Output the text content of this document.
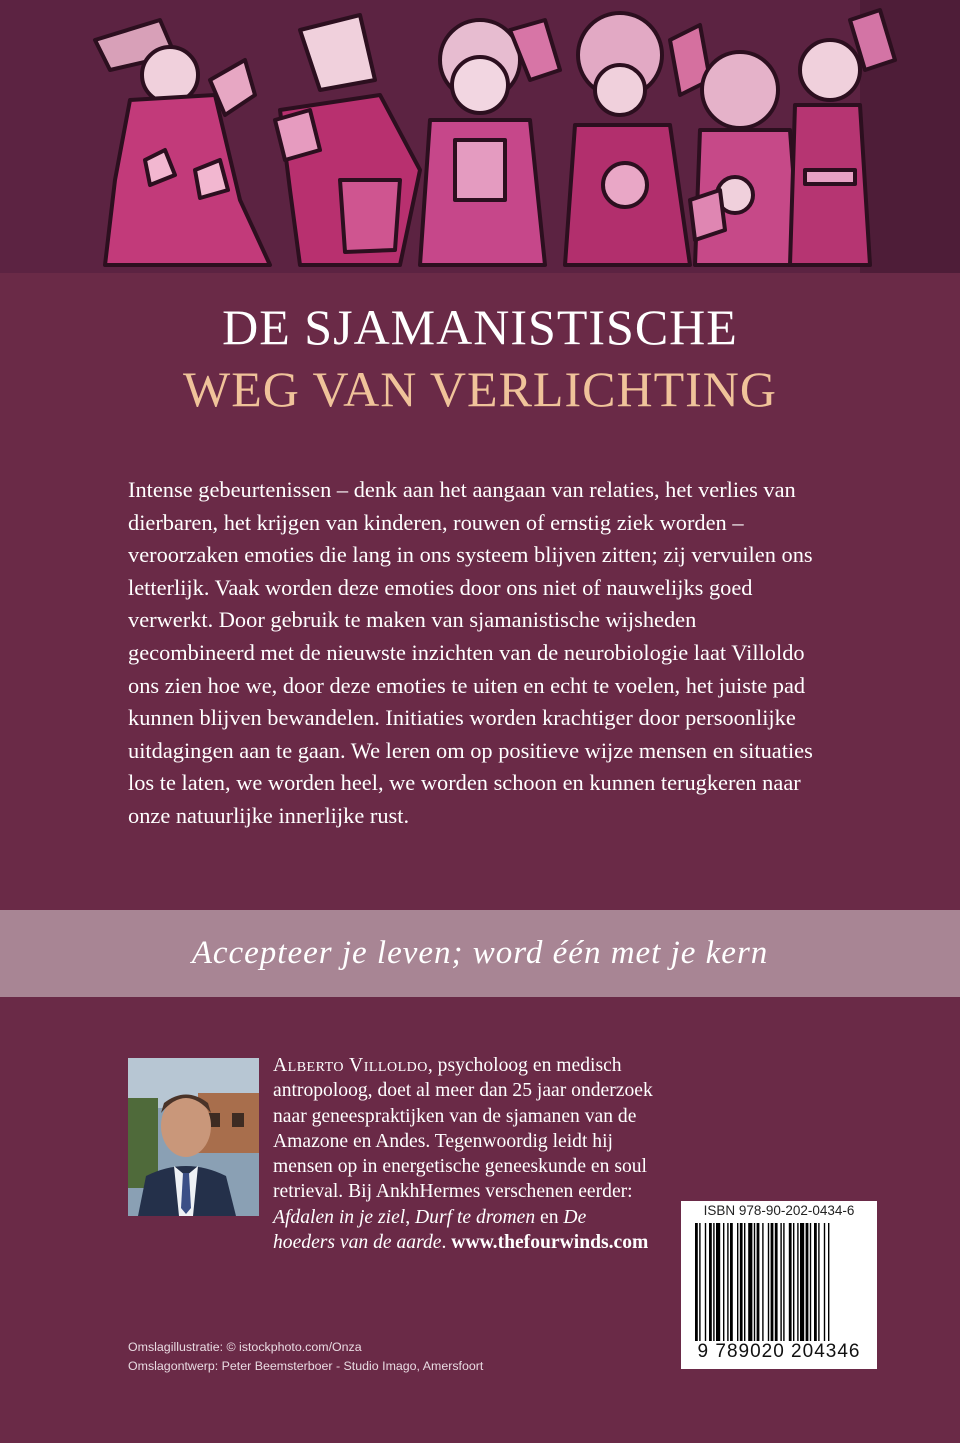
DE SJAMANISTISCHE
WEG VAN VERLICHTING

Intense gebeurtenissen – denk aan het aangaan van relaties, het verlies van dierbaren, het krijgen van kinderen, rouwen of ernstig ziek worden – veroorzaken emoties die lang in ons systeem blijven zitten; zij vervuilen ons letterlijk. Vaak worden deze emoties door ons niet of nauwelijks goed verwerkt. Door gebruik te maken van sjamanistische wijsheden gecombineerd met de nieuwste inzichten van de neurobiologie laat Villoldo ons zien hoe we, door deze emoties te uiten en echt te voelen, het juiste pad kunnen blijven bewandelen. Initiaties worden krachtiger door persoonlijke uitdagingen aan te gaan. We leren om op positieve wijze mensen en situaties los te laten, we worden heel, we worden schoon en kunnen terugkeren naar onze natuurlijke innerlijke rust.

Accepteer je leven; word één met je kern

Alberto Villoldo, psycholoog en medisch antropoloog, doet al meer dan 25 jaar onderzoek naar geneespraktijken van de sjamanen van de Amazone en Andes. Tegenwoordig leidt hij mensen op in energetische geneeskunde en soul retrieval. Bij AnkhHermes verschenen eerder: Afdalen in je ziel, Durf te dromen en De hoeders van de aarde. www.thefourwinds.com

Omslagillustratie: © istockphoto.com/Onza
Omslagontwerp: Peter Beemsterboer - Studio Imago, Amersfoort
ISBN 978-90-202-0434-6
9 789020 204346
